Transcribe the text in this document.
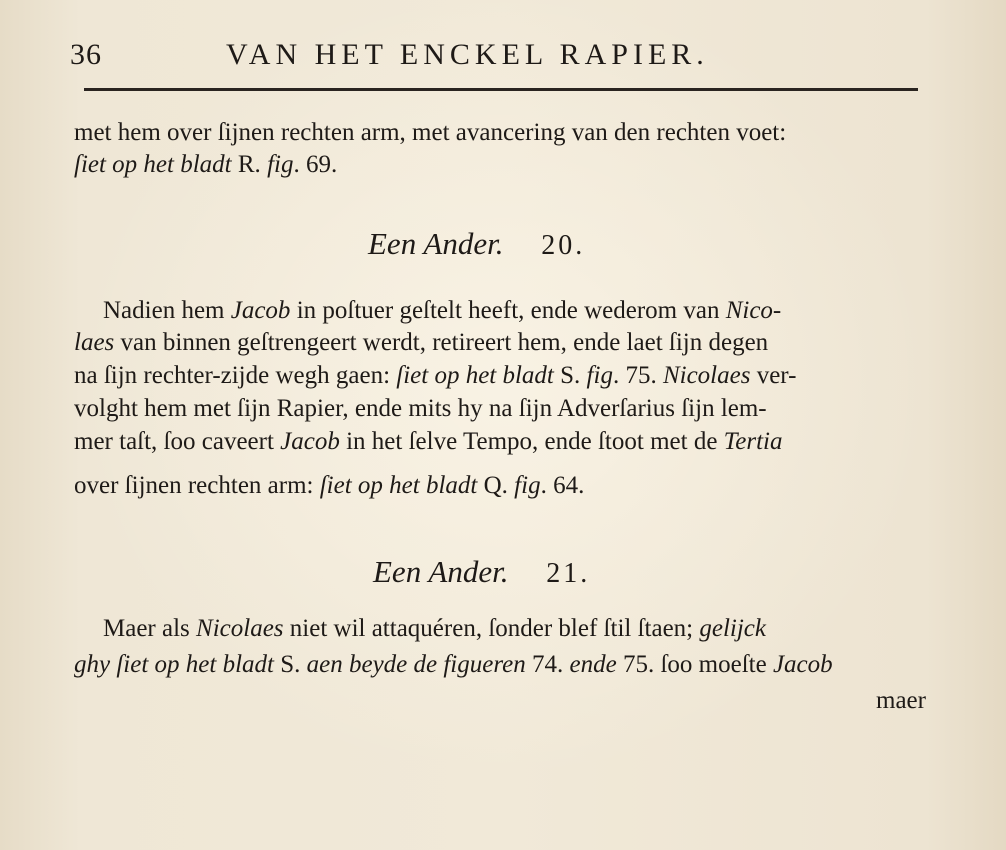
36	VAN HET ENCKEL RAPIER.
met hem over ſijnen rechten arm, met avancering van den rechten voet:
ſiet op het bladt R. fig. 69.
Een Ander. 20.
Nadien hem Jacob in poſtuer geſtelt heeft, ende wederom van Nico-
laes van binnen geſtrengeert werdt, retireert hem, ende laet ſijn degen
na ſijn rechter-zijde wegh gaen: ſiet op het bladt S. fig. 75. Nicolaes ver-
volght hem met ſijn Rapier, ende mits hy na ſijn Adverſarius ſijn lem-
mer taſt, ſoo caveert Jacob in het ſelve Tempo, ende ſtoot met de Tertia
over ſijnen rechten arm: ſiet op het bladt Q. fig. 64.
Een Ander. 21.
Maer als Nicolaes niet wil attaquéren, ſonder blef ſtil ſtaen; gelijck
ghy ſiet op het bladt S. aen beyde de figueren 74. ende 75. ſoo moeſte Jacob
maer
